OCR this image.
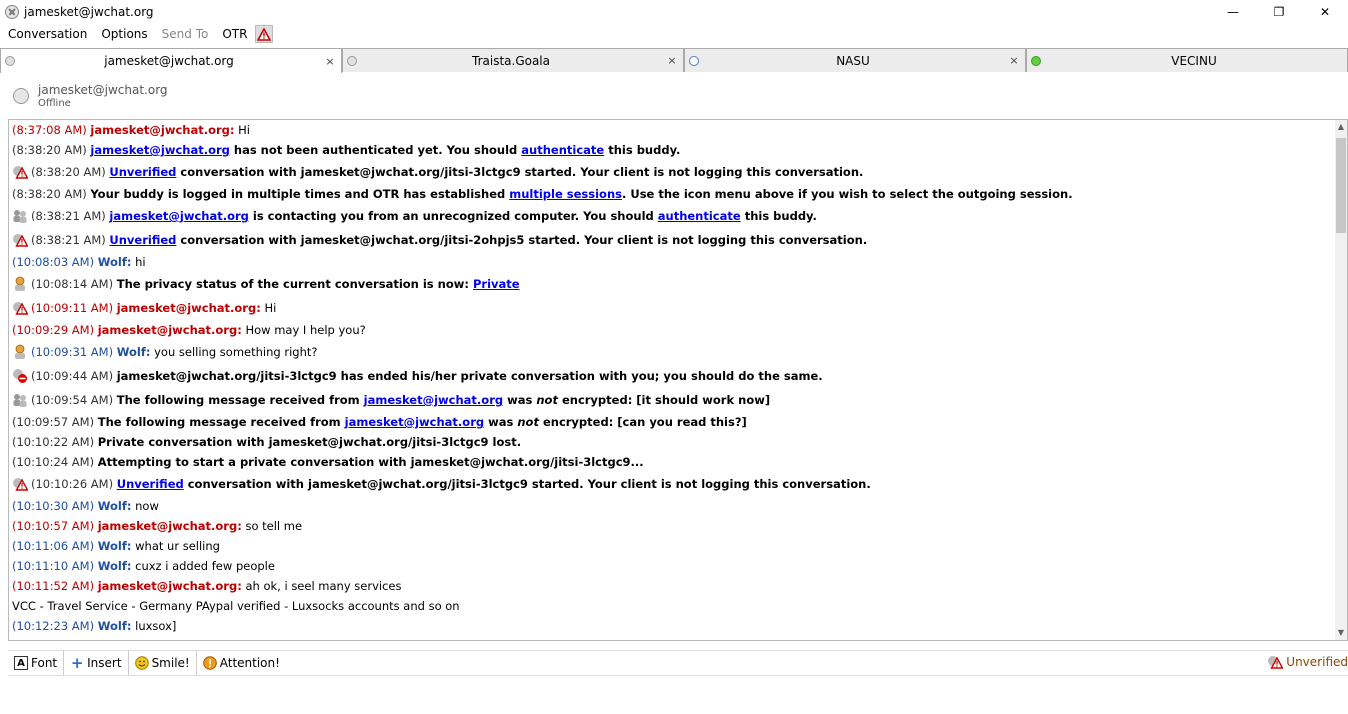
jamesket@jwchat.org	—	❐	✕
Conversation Options Send To OTR
jamesket@jwchat.org	×	Traista.Goala	×	NASU	×	VECINU
jamesket@jwchat.org
Offline
▲
▼
(8:37:08 AM) jamesket@jwchat.org: Hi
(8:38:20 AM) jamesket@jwchat.org has not been authenticated yet. You should authenticate this buddy.
(8:38:20 AM) Unverified conversation with jamesket@jwchat.org/jitsi-3lctgc9 started. Your client is not logging this conversation.
(8:38:20 AM) Your buddy is logged in multiple times and OTR has established multiple sessions. Use the icon menu above if you wish to select the outgoing session.
(8:38:21 AM) jamesket@jwchat.org is contacting you from an unrecognized computer. You should authenticate this buddy.
(8:38:21 AM) Unverified conversation with jamesket@jwchat.org/jitsi-2ohpjs5 started. Your client is not logging this conversation.
(10:08:03 AM) Wolf: hi
(10:08:14 AM) The privacy status of the current conversation is now: Private
(10:09:11 AM) jamesket@jwchat.org: Hi
(10:09:29 AM) jamesket@jwchat.org: How may I help you?
(10:09:31 AM) Wolf: you selling something right?
(10:09:44 AM) jamesket@jwchat.org/jitsi-3lctgc9 has ended his/her private conversation with you; you should do the same.
(10:09:54 AM) The following message received from jamesket@jwchat.org was not encrypted: [it should work now]
(10:09:57 AM) The following message received from jamesket@jwchat.org was not encrypted: [can you read this?]
(10:10:22 AM) Private conversation with jamesket@jwchat.org/jitsi-3lctgc9 lost.
(10:10:24 AM) Attempting to start a private conversation with jamesket@jwchat.org/jitsi-3lctgc9...
(10:10:26 AM) Unverified conversation with jamesket@jwchat.org/jitsi-3lctgc9 started. Your client is not logging this conversation.
(10:10:30 AM) Wolf: now
(10:10:57 AM) jamesket@jwchat.org: so tell me
(10:11:06 AM) Wolf: what ur selling
(10:11:10 AM) Wolf: cuxz i added few people
(10:11:52 AM) jamesket@jwchat.org: ah ok, i seel many services
VCC - Travel Service - Germany PAypal verified - Luxsocks accounts and so on
(10:12:23 AM) Wolf: luxsox]
A Font + Insert	Smile!	Attention!	Unverified
